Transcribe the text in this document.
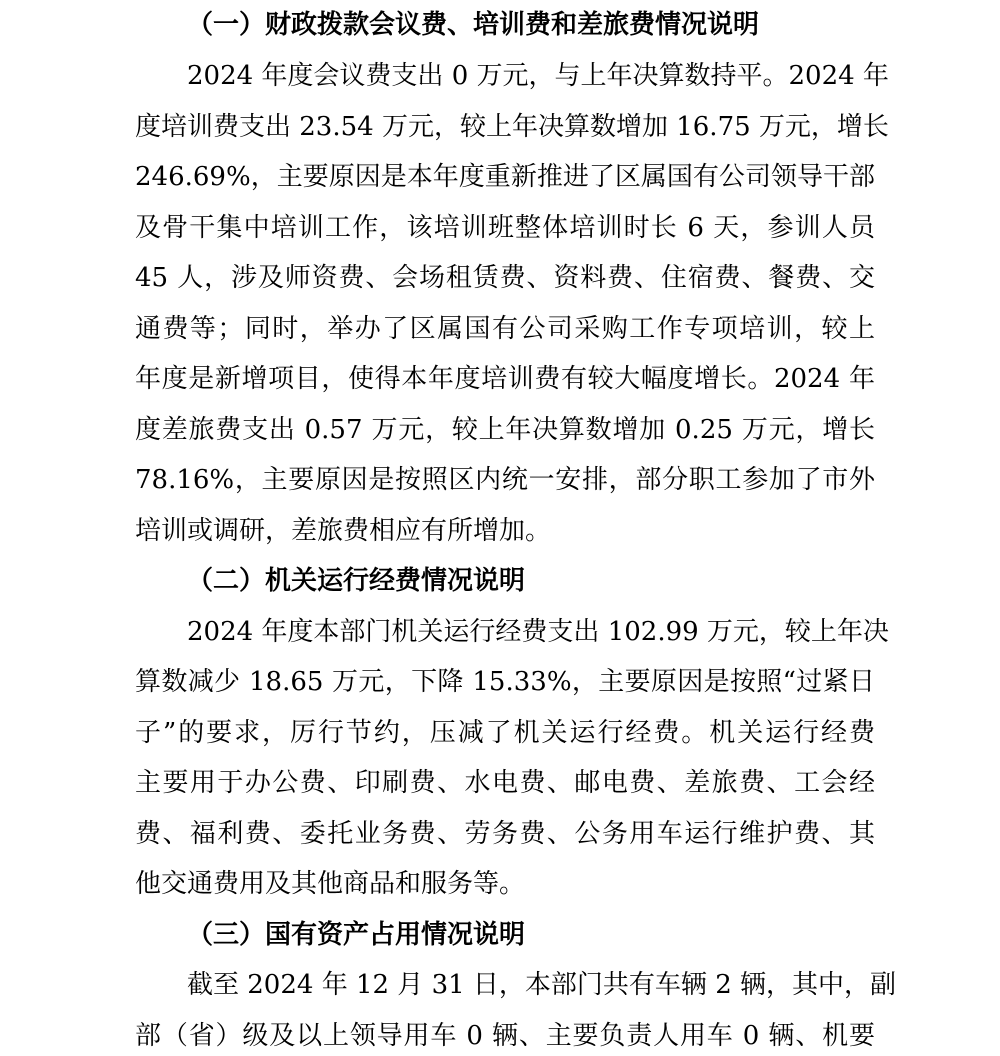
（一）财政拨款会议费、培训费和差旅费情况说明
2024 年度会议费支出 0 万元，与上年决算数持平。2024 年
度培训费支出 23.54 万元，较上年决算数增加 16.75 万元，增长
246.69%，主要原因是本年度重新推进了区属国有公司领导干部
及骨干集中培训工作，该培训班整体培训时长 6 天，参训人员
45 人，涉及师资费、会场租赁费、资料费、住宿费、餐费、交
通费等；同时，举办了区属国有公司采购工作专项培训，较上
年度是新增项目，使得本年度培训费有较大幅度增长。2024 年
度差旅费支出 0.57 万元，较上年决算数增加 0.25 万元，增长
78.16%，主要原因是按照区内统一安排，部分职工参加了市外
培训或调研，差旅费相应有所增加。
（二）机关运行经费情况说明
2024 年度本部门机关运行经费支出 102.99 万元，较上年决
算数减少 18.65 万元，下降 15.33%，主要原因是按照“过紧日
子”的要求，厉行节约，压减了机关运行经费。机关运行经费
主要用于办公费、印刷费、水电费、邮电费、差旅费、工会经
费、福利费、委托业务费、劳务费、公务用车运行维护费、其
他交通费用及其他商品和服务等。
（三）国有资产占用情况说明
截至 2024 年 12 月 31 日，本部门共有车辆 2 辆，其中，副
部（省）级及以上领导用车 0 辆、主要负责人用车 0 辆、机要
